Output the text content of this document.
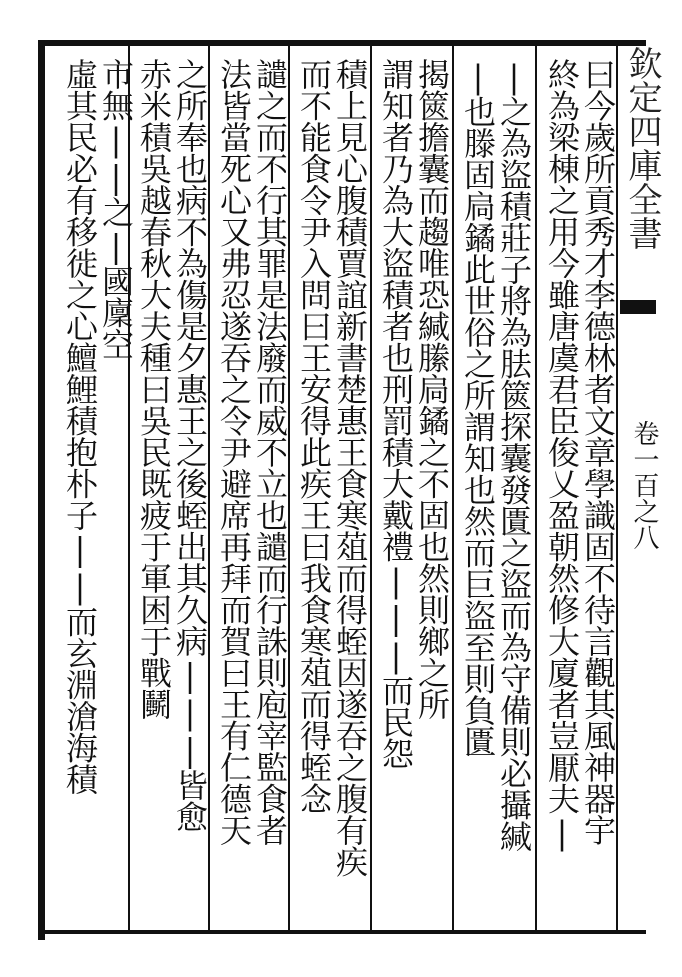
欽定四庫全書
卷一百之八
曰今歲所貢秀才李德林者文章學識固不待言觀其風神器宇
終為梁棟之用今雖唐虞君臣俊乂盈朝然修大廈者豈厭夫|
|之為盜積莊子將為胠篋探囊發匱之盜而為守備則必攝緘
|也滕固扃鐍此世俗之所謂知也然而巨盜至則負匱
揭篋擔囊而趨唯恐緘縢扃鐍之不固也然則鄉之所
謂知者乃為大盜積者也刑罰積大戴禮|||而民怨
積上見心腹積賈誼新書楚惠王食寒葅而得蛭因遂吞之腹有疾
而不能食令尹入問曰王安得此疾王曰我食寒葅而得蛭念
譴之而不行其罪是法廢而威不立也譴而行誅則庖宰監食者
法皆當死心又弗忍遂吞之令尹避席再拜而賀曰王有仁德天
之所奉也病不為傷是夕惠王之後蛭出其久病|||皆愈
赤米積吳越春秋大夫種曰吳民既疲于軍困于戰鬭
市無||之|國廩空
虛其民必有移徙之心鱣鯉積抱朴子||而玄淵滄海積
